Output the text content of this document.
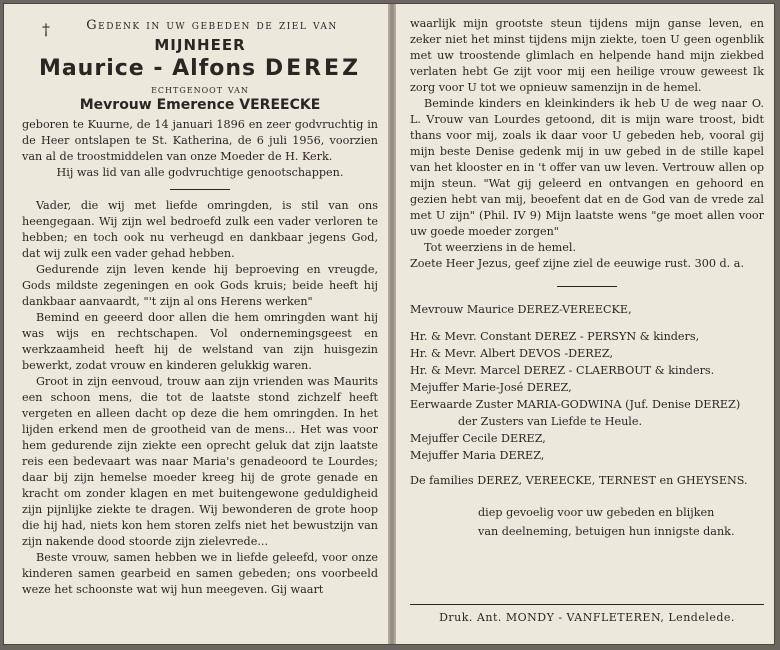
†	Gedenk in uw gebeden de ziel van
MIJNHEER
Maurice - Alfons DEREZ
echtgenoot van
Mevrouw Emerence VEREECKE

geboren te Kuurne, de 14 januari 1896 en zeer godvruchtig in de Heer ontslapen te St. Katherina, de 6 juli 1956, voorzien van al de troostmiddelen van onze Moeder de H. Kerk.

Hij was lid van alle godvruchtige genootschappen.

Vader, die wij met liefde omringden, is stil van ons heengegaan. Wij zijn wel bedroefd zulk een vader verloren te hebben; en toch ook nu verheugd en dankbaar jegens God, dat wij zulk een vader gehad hebben.

Gedurende zijn leven kende hij beproeving en vreugde, Gods mildste zegeningen en ook Gods kruis; beide heeft hij dankbaar aanvaardt, "'t zijn al ons Herens werken"

Bemind en geeerd door allen die hem omringden want hij was wijs en rechtschapen. Vol ondernemingsgeest en werkzaamheid heeft hij de welstand van zijn huisgezin bewerkt, zodat vrouw en kinderen gelukkig waren.

Groot in zijn eenvoud, trouw aan zijn vrienden was Maurits een schoon mens, die tot de laatste stond zichzelf heeft vergeten en alleen dacht op deze die hem omringden. In het lijden erkend men de grootheid van de mens... Het was voor hem gedurende zijn ziekte een oprecht geluk dat zijn laatste reis een bedevaart was naar Maria's genadeoord te Lourdes; daar bij zijn hemelse moeder kreeg hij de grote genade en kracht om zonder klagen en met buitengewone geduldigheid zijn pijnlijke ziekte te dragen. Wij bewonderen de grote hoop die hij had, niets kon hem storen zelfs niet het bewustzijn van zijn nakende dood stoorde zijn zielevrede...

Beste vrouw, samen hebben we in liefde geleefd, voor onze kinderen samen gearbeid en samen gebeden; ons voorbeeld weze het schoonste wat wij hun meegeven. Gij waart

waarlijk mijn grootste steun tijdens mijn ganse leven, en zeker niet het minst tijdens mijn ziekte, toen U geen ogenblik met uw troostende glimlach en helpende hand mijn ziekbed verlaten hebt Ge zijt voor mij een heilige vrouw geweest Ik zorg voor U tot we opnieuw samenzijn in de hemel.

Beminde kinders en kleinkinders ik heb U de weg naar O. L. Vrouw van Lourdes getoond, dit is mijn ware troost, bidt thans voor mij, zoals ik daar voor U gebeden heb, vooral gij mijn beste Denise gedenk mij in uw gebed in de stille kapel van het klooster en in 't offer van uw leven. Vertrouw allen op mijn steun. "Wat gij geleerd en ontvangen en gehoord en gezien hebt van mij, beoefent dat en de God van de vrede zal met U zijn" (Phil. IV 9) Mijn laatste wens "ge moet allen voor uw goede moeder zorgen"

Tot weerziens in de hemel.

Zoete Heer Jezus, geef zijne ziel de eeuwige rust. 300 d. a.

Mevrouw Maurice DEREZ-VEREECKE,
Hr. & Mevr. Constant DEREZ - PERSYN & kinders,
Hr. & Mevr. Albert DEVOS -DEREZ,
Hr. & Mevr. Marcel DEREZ - CLAERBOUT & kinders.
Mejuffer Marie-José DEREZ,
Eerwaarde Zuster MARIA-GODWINA (Juf. Denise DEREZ)
der Zusters van Liefde te Heule.
Mejuffer Cecile DEREZ,
Mejuffer Maria DEREZ,
De families DEREZ, VEREECKE, TERNEST en GHEYSENS.
diep gevoelig voor uw gebeden en blijken
van deelneming, betuigen hun innigste dank.
Druk. Ant. MONDY - VANFLETEREN, Lendelede.
